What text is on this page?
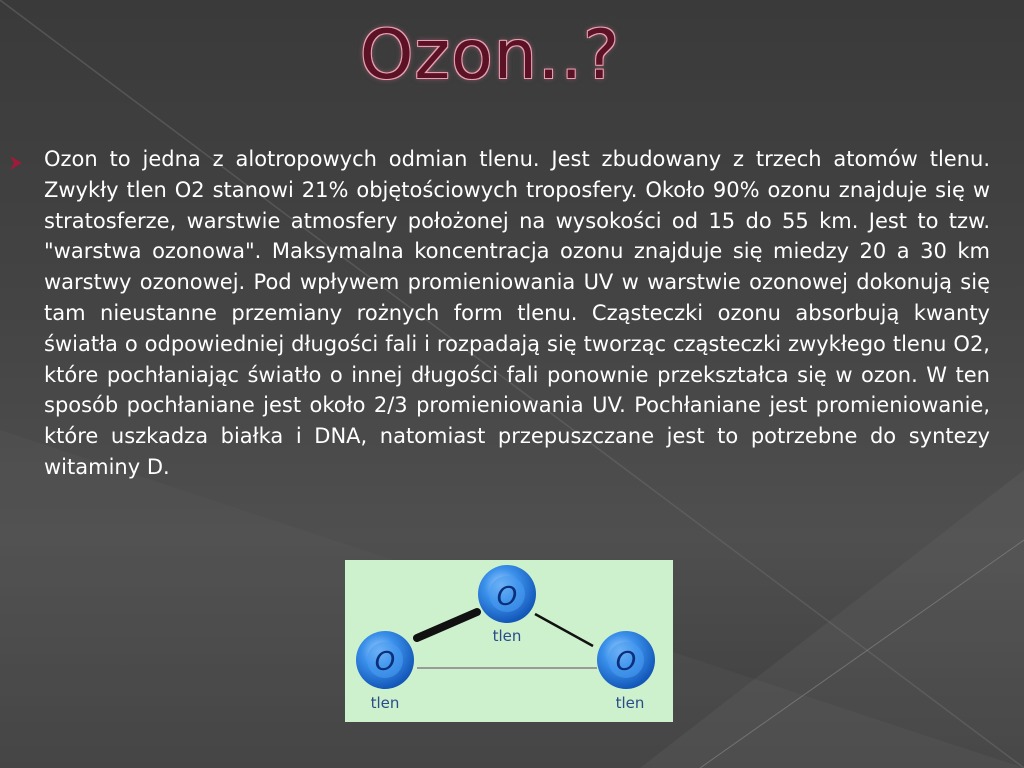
Ozon..?

Ozon to jedna z alotropowych odmian tlenu. Jest zbudowany z trzech atomów tlenu. Zwykły tlen O2 stanowi 21% objętościowych troposfery. Około 90% ozonu znajduje się w stratosferze, warstwie atmosfery położonej na wysokości od 15 do 55 km. Jest to tzw. "warstwa ozonowa". Maksymalna koncentracja ozonu znajduje się miedzy 20 a 30 km warstwy ozonowej. Pod wpływem promieniowania UV w warstwie ozonowej dokonują się tam nieustanne przemiany rożnych form tlenu. Cząsteczki ozonu absorbują kwanty światła o odpowiedniej długości fali i rozpadają się tworząc cząsteczki zwykłego tlenu O2, które pochłaniając światło o innej długości fali ponownie przekształca się w ozon. W ten sposób pochłaniane jest około 2/3 promieniowania UV. Pochłaniane jest promieniowanie, które uszkadza białka i DNA, natomiast przepuszczane jest to potrzebne do syntezy witaminy D.

O
tlen
O
tlen
O
tlen
